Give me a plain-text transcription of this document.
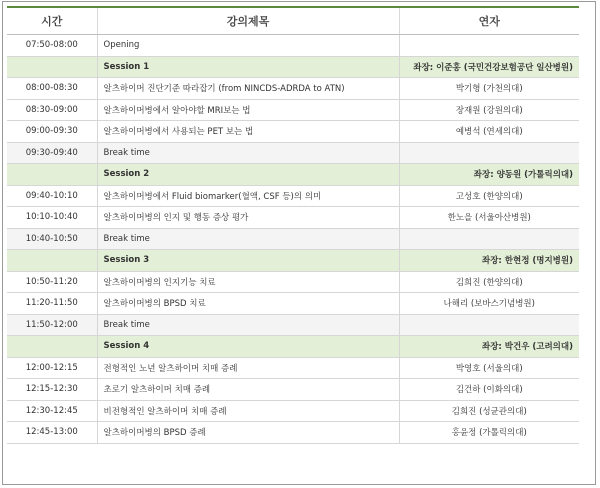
시간	강의제목	연자
07:50-08:00	Opening	
	Session 1	좌장: 이준홍 (국민건강보험공단 일산병원)
08:00-08:30	알츠하이머 진단기준 따라잡기 (from NINCDS-ADRDA to ATN)	박기형 (가천의대)
08:30-09:00	알츠하이머병에서 알아야할 MRI보는 법	장재원 (강원의대)
09:00-09:30	알츠하이머병에서 사용되는 PET 보는 법	예병석 (연세의대)
09:30-09:40	Break time	
	Session 2	좌장: 양동원 (가톨릭의대)
09:40-10:10	알츠하이머병에서 Fluid biomarker(혈액, CSF 등)의 의미	고성호 (한양의대)
10:10-10:40	알츠하이머병의 인지 및 행동 증상 평가	한노을 (서울아산병원)
10:40-10:50	Break time	
	Session 3	좌장: 한현정 (명지병원)
10:50-11:20	알츠하이머병의 인지기능 치료	김희진 (한양의대)
11:20-11:50	알츠하이머병의 BPSD 치료	나해리 (보바스기념병원)
11:50-12:00	Break time	
	Session 4	좌장: 박건우 (고려의대)
12:00-12:15	전형적인 노년 알츠하이머 치매 증례	박영호 (서울의대)
12:15-12:30	초로기 알츠하이머 치매 증례	김건하 (이화의대)
12:30-12:45	비전형적인 알츠하이머 치매 증례	김희진 (성균관의대)
12:45-13:00	알츠하이머병의 BPSD 증례	홍윤정 (가톨릭의대)
